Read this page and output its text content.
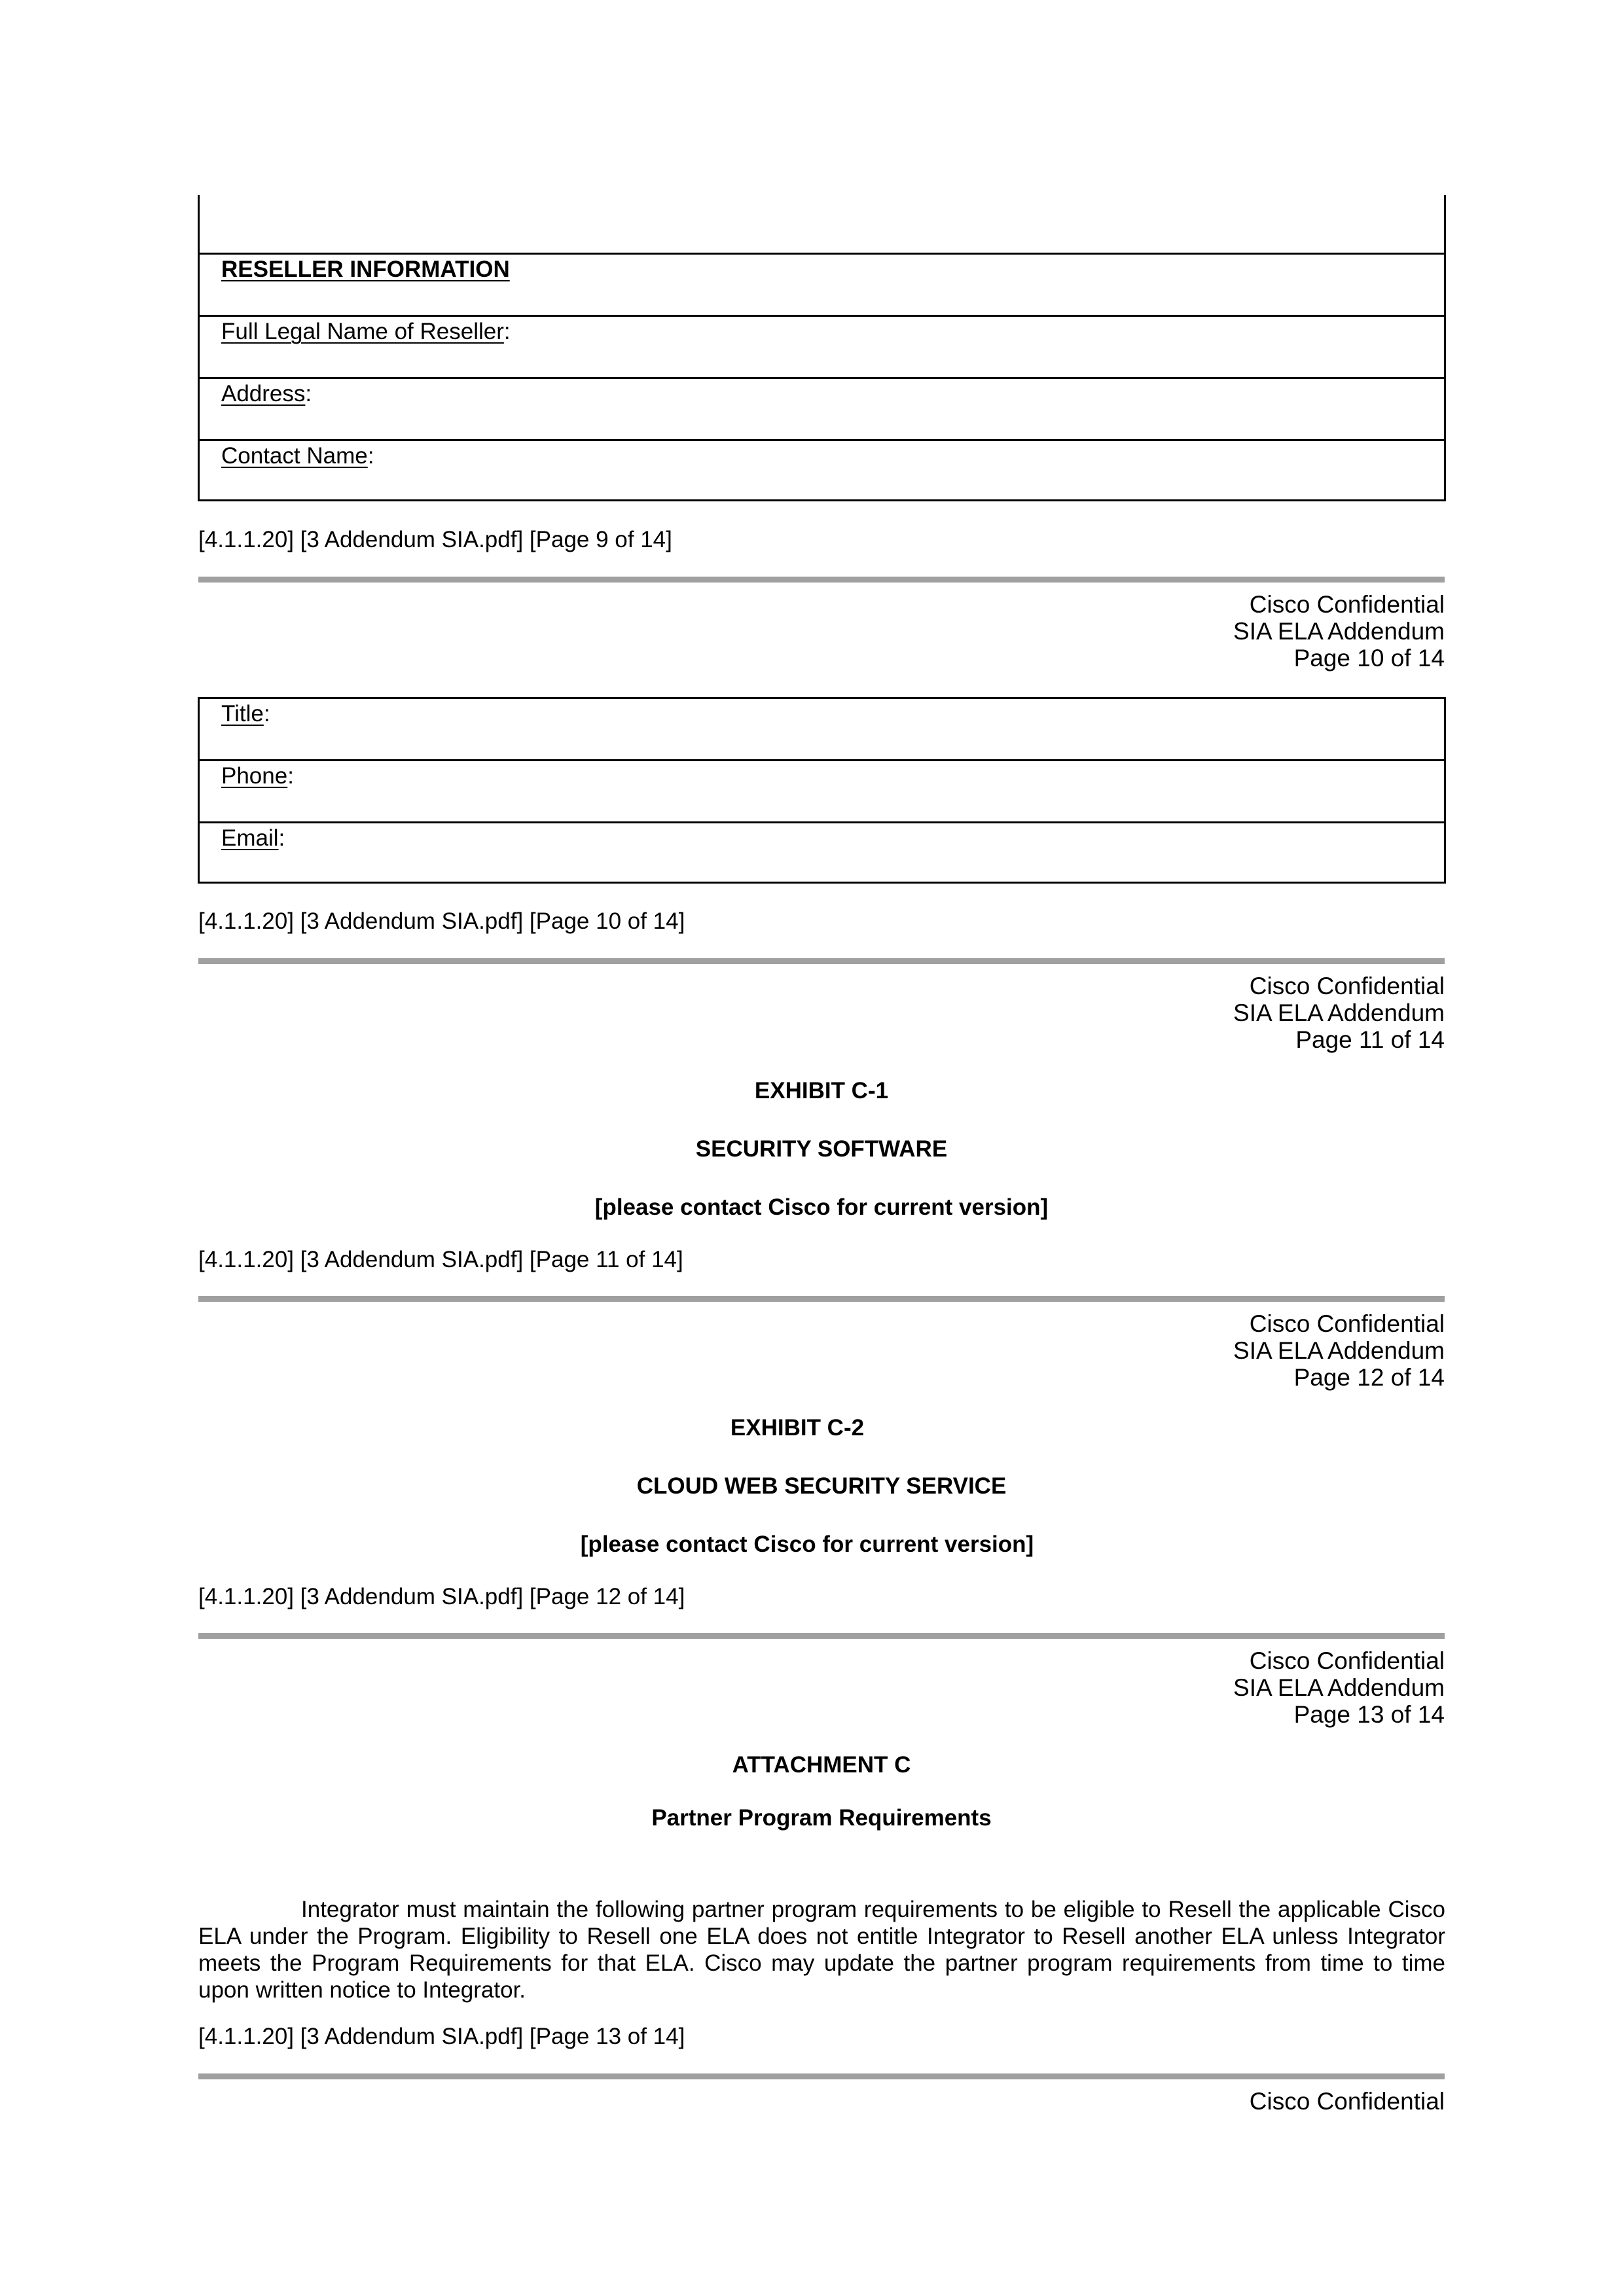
RESELLER INFORMATION
Full Legal Name of Reseller:
Address:
Contact Name:
[4.1.1.20] [3 Addendum SIA.pdf] [Page 9 of 14]
Cisco Confidential
SIA ELA Addendum
Page 10 of 14
Title:
Phone:
Email:
[4.1.1.20] [3 Addendum SIA.pdf] [Page 10 of 14]
Cisco Confidential
SIA ELA Addendum
Page 11 of 14
EXHIBIT C-1
SECURITY SOFTWARE
[please contact Cisco for current version]
[4.1.1.20] [3 Addendum SIA.pdf] [Page 11 of 14]
Cisco Confidential
SIA ELA Addendum
Page 12 of 14
EXHIBIT C-2
CLOUD WEB SECURITY SERVICE
[please contact Cisco for current version]
[4.1.1.20] [3 Addendum SIA.pdf] [Page 12 of 14]
Cisco Confidential
SIA ELA Addendum
Page 13 of 14
ATTACHMENT C
Partner Program Requirements

Integrator must maintain the following partner program requirements to be eligible to Resell the applicable Cisco ELA under the Program. Eligibility to Resell one ELA does not entitle Integrator to Resell another ELA unless Integrator meets the Program Requirements for that ELA. Cisco may update the partner program requirements from time to time upon written notice to Integrator.

[4.1.1.20] [3 Addendum SIA.pdf] [Page 13 of 14]
Cisco Confidential
